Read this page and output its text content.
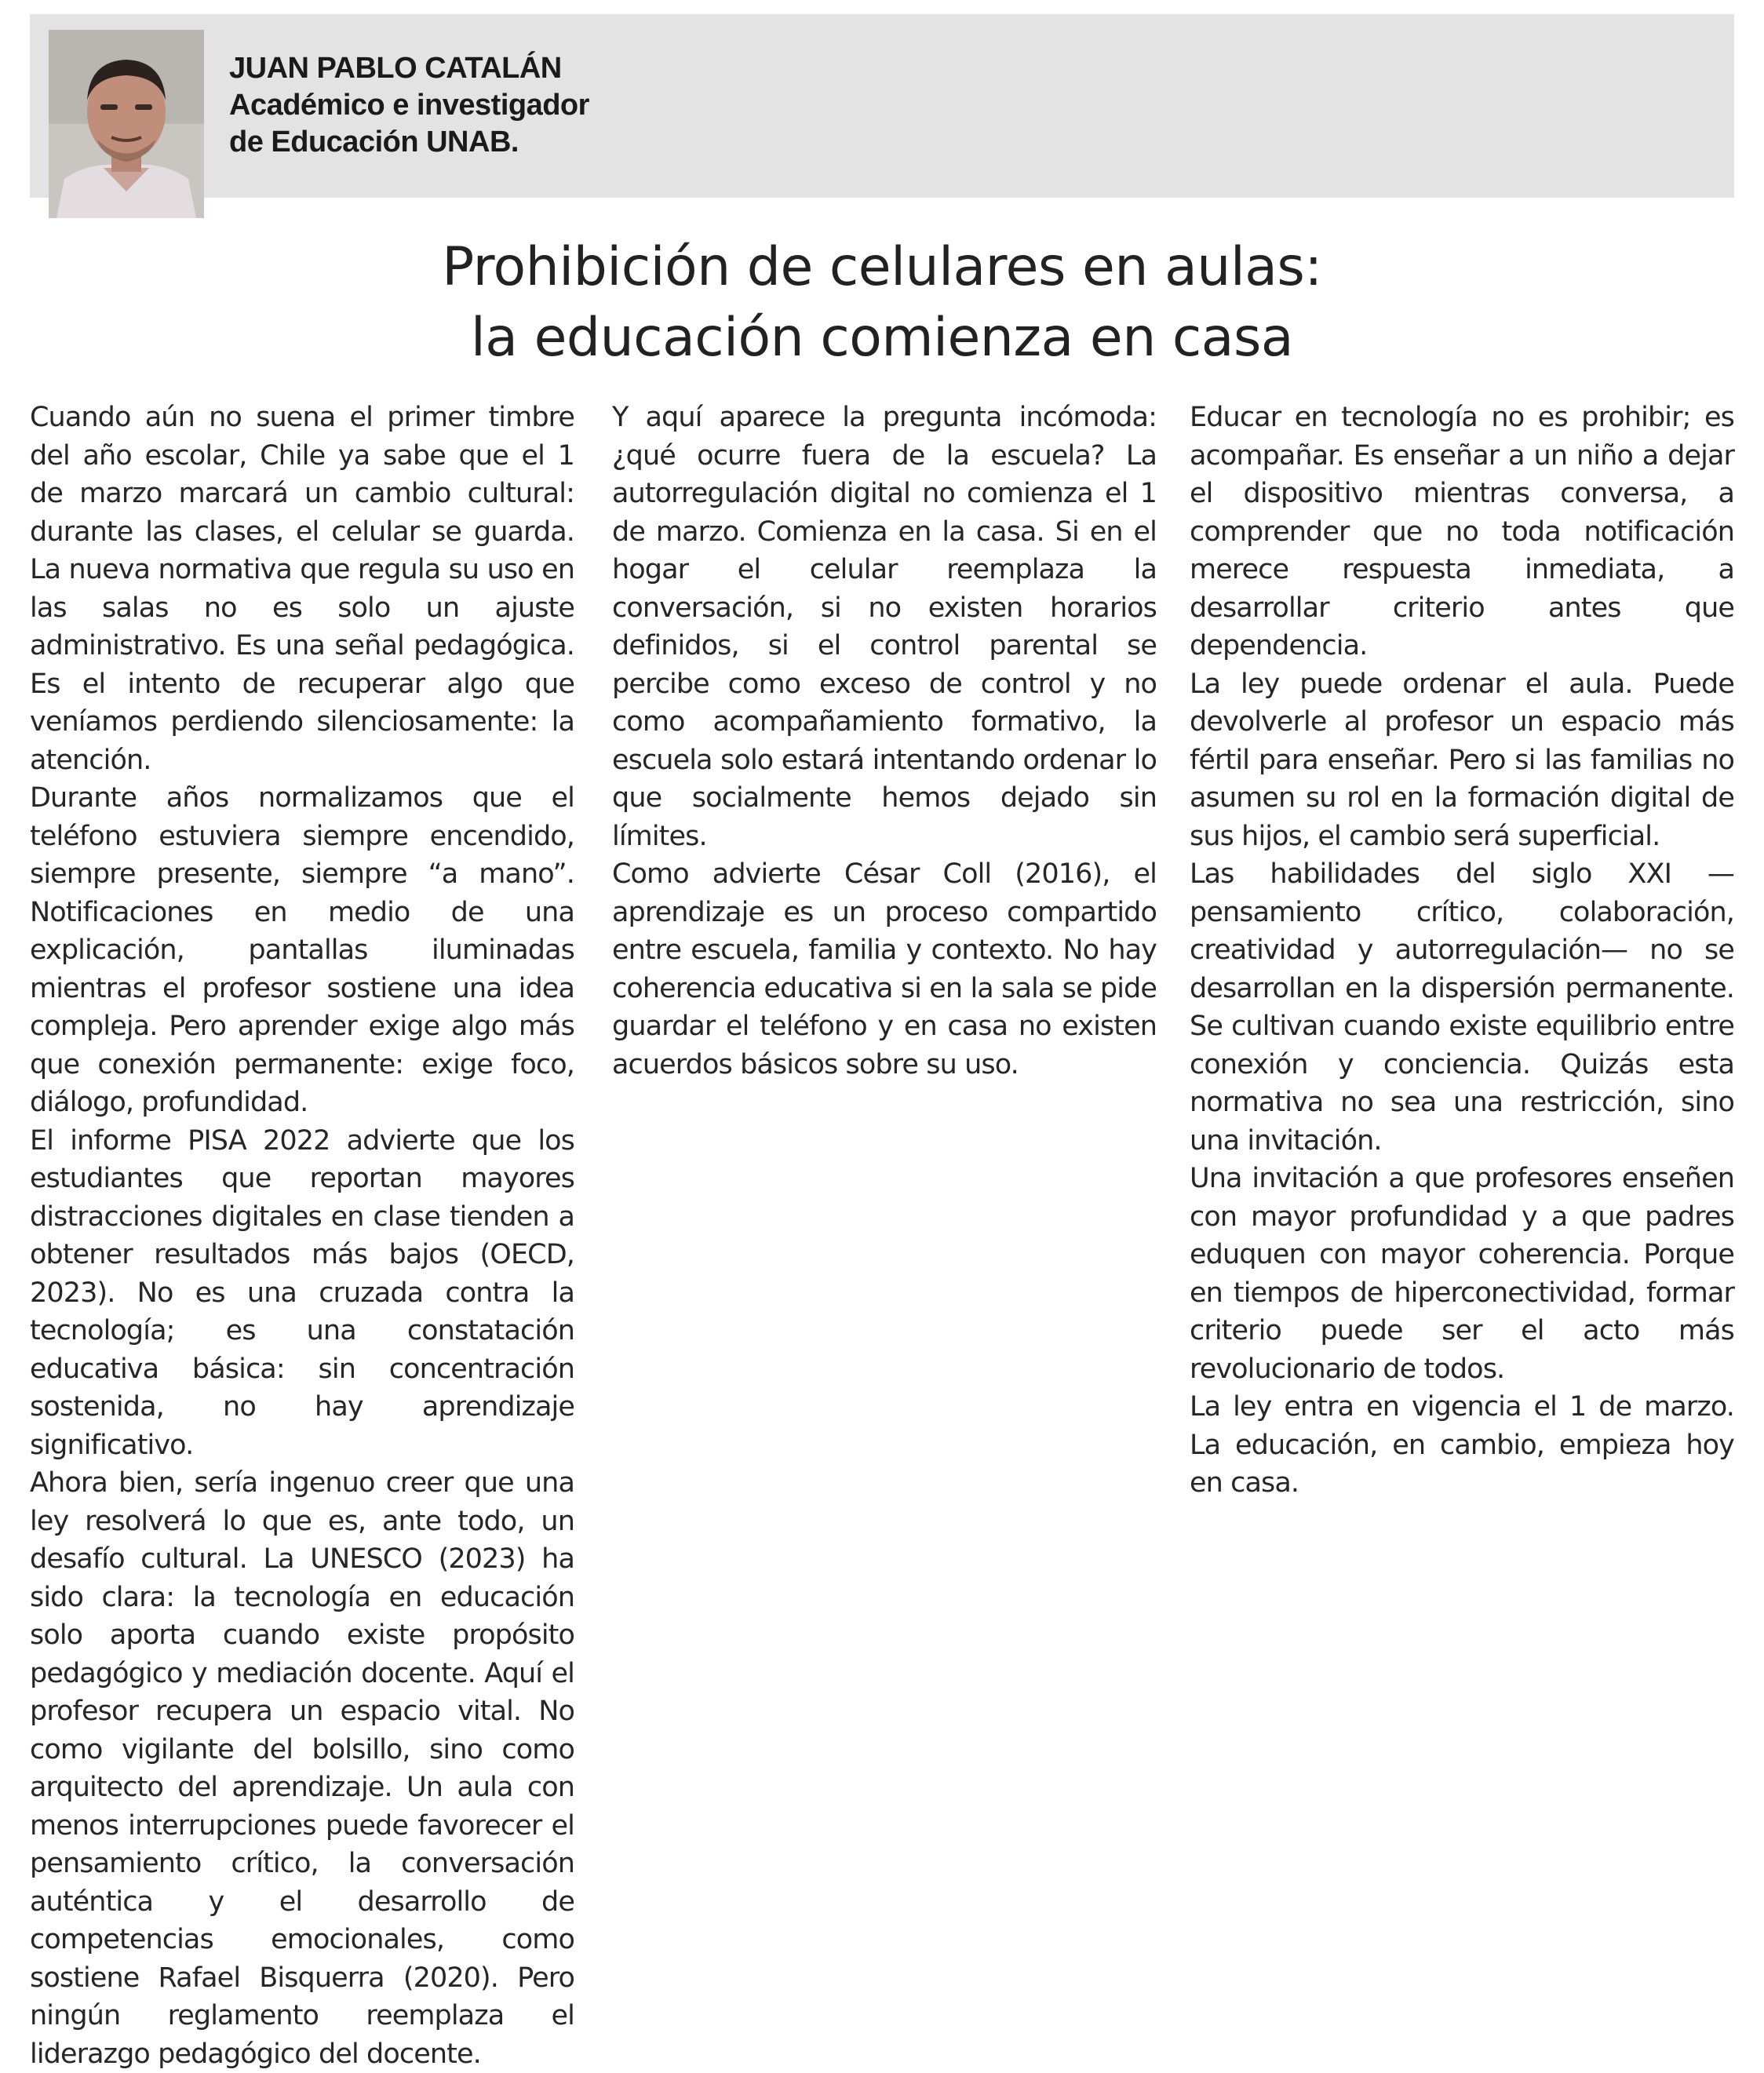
JUAN PABLO CATALÁN
Académico e investigador
de Educación UNAB.
Prohibición de celulares en aulas:
la educación comienza en casa

Cuando aún no suena el primer timbre del año escolar, Chile ya sabe que el 1 de marzo marcará un cambio cultural: durante las clases, el celular se guarda. La nueva normativa que regula su uso en las salas no es solo un ajuste administrativo. Es una señal pedagógica. Es el intento de recuperar algo que veníamos perdiendo silenciosamente: la atención.

Durante años normalizamos que el teléfono estuviera siempre encendido, siempre presente, siempre “a mano”. Notificaciones en medio de una explicación, pantallas iluminadas mientras el profesor sostiene una idea compleja. Pero aprender exige algo más que conexión permanente: exige foco, diálogo, profundidad.

El informe PISA 2022 advierte que los estudiantes que reportan mayores distracciones digitales en clase tienden a obtener resultados más bajos (OECD, 2023). No es una cruzada contra la tecnología; es una constatación educativa básica: sin concentración sostenida, no hay aprendizaje significativo.

Ahora bien, sería ingenuo creer que una ley resolverá lo que es, ante todo, un desafío cultural. La UNESCO (2023) ha sido clara: la tecnología en educación solo aporta cuando existe propósito pedagógico y mediación docente. Aquí el profesor recupera un espacio vital. No como vigilante del bolsillo, sino como arquitecto del aprendizaje. Un aula con menos interrupciones puede favorecer el pensamiento crítico, la conversación auténtica y el desarrollo de competencias emocionales, como sostiene Rafael Bisquerra (2020). Pero ningún reglamento reemplaza el liderazgo pedagógico del docente.

Y aquí aparece la pregunta incómoda: ¿qué ocurre fuera de la escuela? La autorregulación digital no comienza el 1 de marzo. Comienza en la casa. Si en el hogar el celular reemplaza la conversación, si no existen horarios definidos, si el control parental se percibe como exceso de control y no como acompañamiento formativo, la escuela solo estará intentando ordenar lo que socialmente hemos dejado sin límites.

Como advierte César Coll (2016), el aprendizaje es un proceso compartido entre escuela, familia y contexto. No hay coherencia educativa si en la sala se pide guardar el teléfono y en casa no existen acuerdos básicos sobre su uso.

Educar en tecnología no es prohibir; es acompañar. Es enseñar a un niño a dejar el dispositivo mientras conversa, a comprender que no toda notificación merece respuesta inmediata, a desarrollar criterio antes que dependencia.

La ley puede ordenar el aula. Puede devolverle al profesor un espacio más fértil para enseñar. Pero si las familias no asumen su rol en la formación digital de sus hijos, el cambio será superficial.

Las habilidades del siglo XXI —pensamiento crítico, colaboración, creatividad y autorregulación— no se desarrollan en la dispersión permanente. Se cultivan cuando existe equilibrio entre conexión y conciencia. Quizás esta normativa no sea una restricción, sino una invitación.

Una invitación a que profesores enseñen con mayor profundidad y a que padres eduquen con mayor coherencia. Porque en tiempos de hiperconectividad, formar criterio puede ser el acto más revolucionario de todos.

La ley entra en vigencia el 1 de marzo. La educación, en cambio, empieza hoy en casa.
